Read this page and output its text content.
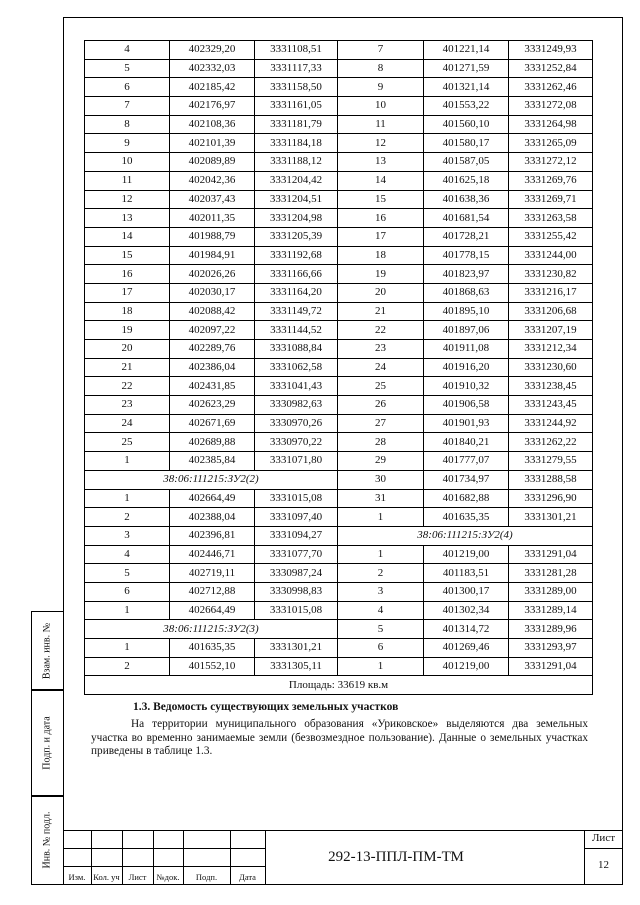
4	402329,20	3331108,51	7	401221,14	3331249,93
5	402332,03	3331117,33	8	401271,59	3331252,84
6	402185,42	3331158,50	9	401321,14	3331262,46
7	402176,97	3331161,05	10	401553,22	3331272,08
8	402108,36	3331181,79	11	401560,10	3331264,98
9	402101,39	3331184,18	12	401580,17	3331265,09
10	402089,89	3331188,12	13	401587,05	3331272,12
11	402042,36	3331204,42	14	401625,18	3331269,76
12	402037,43	3331204,51	15	401638,36	3331269,71
13	402011,35	3331204,98	16	401681,54	3331263,58
14	401988,79	3331205,39	17	401728,21	3331255,42
15	401984,91	3331192,68	18	401778,15	3331244,00
16	402026,26	3331166,66	19	401823,97	3331230,82
17	402030,17	3331164,20	20	401868,63	3331216,17
18	402088,42	3331149,72	21	401895,10	3331206,68
19	402097,22	3331144,52	22	401897,06	3331207,19
20	402289,76	3331088,84	23	401911,08	3331212,34
21	402386,04	3331062,58	24	401916,20	3331230,60
22	402431,85	3331041,43	25	401910,32	3331238,45
23	402623,29	3330982,63	26	401906,58	3331243,45
24	402671,69	3330970,26	27	401901,93	3331244,92
25	402689,88	3330970,22	28	401840,21	3331262,22
1	402385,84	3331071,80	29	401777,07	3331279,55
38:06:111215:ЗУ2(2)			30	401734,97	3331288,58
1	402664,49	3331015,08	31	401682,88	3331296,90
2	402388,04	3331097,40	1	401635,35	3331301,21
3	402396,81	3331094,27	38:06:111215:ЗУ2(4)		
4	402446,71	3331077,70	1	401219,00	3331291,04
5	402719,11	3330987,24	2	401183,51	3331281,28
6	402712,88	3330998,83	3	401300,17	3331289,00
1	402664,49	3331015,08	4	401302,34	3331289,14
38:06:111215:ЗУ2(3)			5	401314,72	3331289,96
1	401635,35	3331301,21	6	401269,46	3331293,97
2	401552,10	3331305,11	1	401219,00	3331291,04
Площадь: 33619 кв.м					
1.3. Ведомость существующих земельных участков

На территории муниципального образования «Уриковское» выделяются два земельных участка во временно занимаемые земли (безвозмездное пользование). Данные о земельных участках приведены в таблице 1.3.

Взам. инв. №
Подп. и дата
Инв. № подл.
Изм. Кол. уч	Лист	№док.	Подп.	Дата
292-13-ППЛ-ПМ-ТМ
Лист
12
